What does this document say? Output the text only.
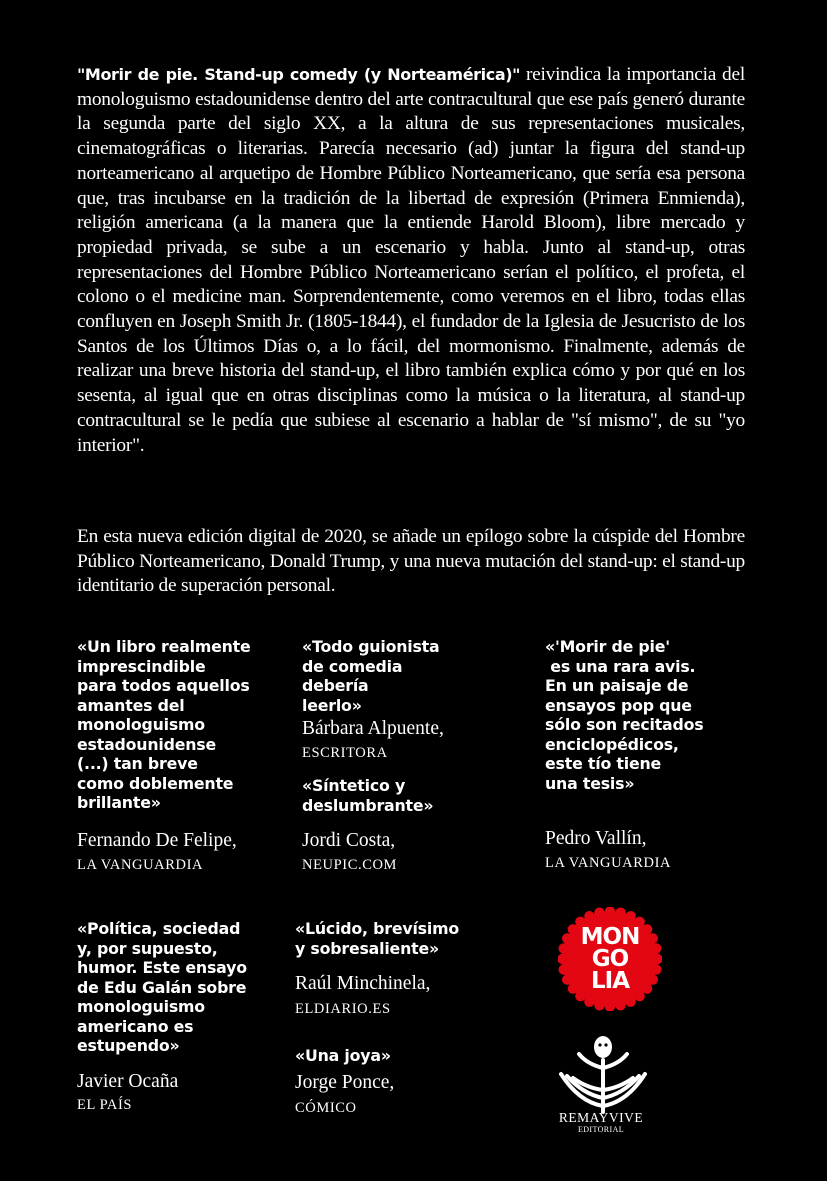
"Morir de pie. Stand-up comedy (y Norteamérica)" reivindica la importancia del monologuismo estadounidense dentro del arte contracultural que ese país generó durante la segunda parte del siglo XX, a la altura de sus representaciones musicales, cinematográficas o literarias. Parecía necesario (ad) juntar la figura del stand-up norteamericano al arquetipo de Hombre Público Norteamericano, que sería esa persona que, tras incubarse en la tradición de la libertad de expresión (Primera Enmienda), religión americana (a la manera que la entiende Harold Bloom), libre mercado y propiedad privada, se sube a un escenario y habla. Junto al stand-up, otras representaciones del Hombre Público Norteamericano serían el político, el profeta, el colono o el medicine man. Sorprendentemente, como veremos en el libro, todas ellas confluyen en Joseph Smith Jr. (1805-1844), el fundador de la Iglesia de Jesucristo de los Santos de los Últimos Días o, a lo fácil, del mormonismo. Finalmente, además de realizar una breve historia del stand-up, el libro también explica cómo y por qué en los sesenta, al igual que en otras disciplinas como la música o la literatura, al stand-up contracultural se le pedía que subiese al escenario a hablar de "sí mismo", de su "yo interior".
En esta nueva edición digital de 2020, se añade un epílogo sobre la cúspide del Hombre Público Norteamericano, Donald Trump, y una nueva mutación del stand-up: el stand-up identitario de superación personal.

«Un libro realmente
imprescindible
para todos aquellos
amantes del
monologuismo
estadounidense
(...) tan breve
como doblemente
brillante»

Fernando De Felipe,
LA VANGUARDIA

«Todo guionista
de comedia
debería
leerlo»

Bárbara Alpuente,
ESCRITORA

«Síntetico y
deslumbrante»

Jordi Costa,
NEUPIC.COM

«'Morir de pie'
es una rara avis.
En un paisaje de
ensayos pop que
sólo son recitados
enciclopédicos,
este tío tiene
una tesis»

Pedro Vallín,
LA VANGUARDIA

«Política, sociedad
y, por supuesto,
humor. Este ensayo
de Edu Galán sobre
monologuismo
americano es
estupendo»

Javier Ocaña
EL PAÍS

«Lúcido, brevísimo
y sobresaliente»

Raúl Minchinela,
ELDIARIO.ES

«Una joya»

Jorge Ponce,
CÓMICO
MON
GO
LIA
REMAYVIVE
EDITORIAL
